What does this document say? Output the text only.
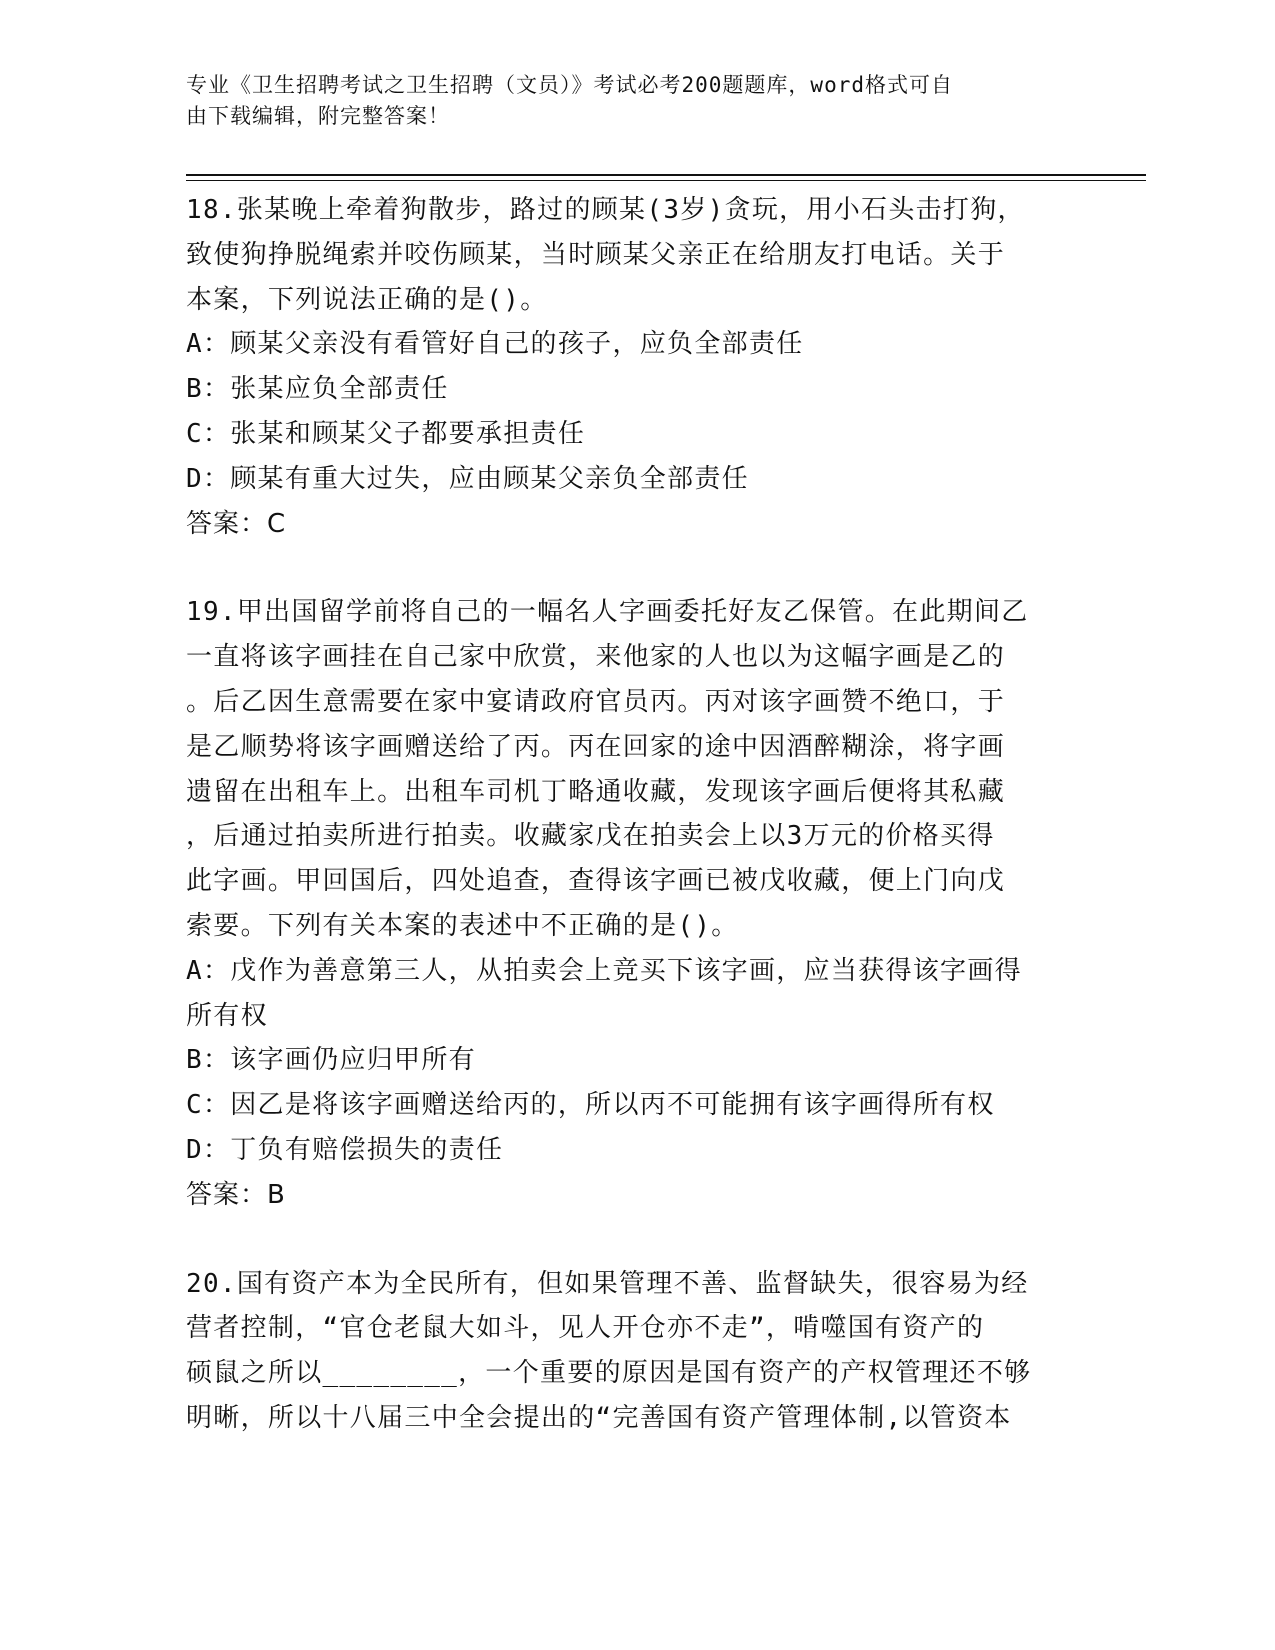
专业《卫生招聘考试之卫生招聘（文员）》考试必考200题题库，word格式可自
由下载编辑，附完整答案！

18.张某晚上牵着狗散步，路过的顾某(3岁)贪玩，用小石头击打狗，

致使狗挣脱绳索并咬伤顾某，当时顾某父亲正在给朋友打电话。关于

本案，下列说法正确的是()。

A：顾某父亲没有看管好自己的孩子，应负全部责任

B：张某应负全部责任

C：张某和顾某父子都要承担责任

D：顾某有重大过失，应由顾某父亲负全部责任

答案：C

19.甲出国留学前将自己的一幅名人字画委托好友乙保管。在此期间乙

一直将该字画挂在自己家中欣赏，来他家的人也以为这幅字画是乙的

。后乙因生意需要在家中宴请政府官员丙。丙对该字画赞不绝口，于

是乙顺势将该字画赠送给了丙。丙在回家的途中因酒醉糊涂，将字画

遗留在出租车上。出租车司机丁略通收藏，发现该字画后便将其私藏

，后通过拍卖所进行拍卖。收藏家戊在拍卖会上以3万元的价格买得

此字画。甲回国后，四处追查，查得该字画已被戊收藏，便上门向戊

索要。下列有关本案的表述中不正确的是()。

A：戊作为善意第三人，从拍卖会上竞买下该字画，应当获得该字画得

所有权

B：该字画仍应归甲所有

C：因乙是将该字画赠送给丙的，所以丙不可能拥有该字画得所有权

D：丁负有赔偿损失的责任

答案：B

20.国有资产本为全民所有，但如果管理不善、监督缺失，很容易为经

营者控制，“官仓老鼠大如斗，见人开仓亦不走”，啃噬国有资产的

硕鼠之所以________，一个重要的原因是国有资产的产权管理还不够

明晰，所以十八届三中全会提出的“完善国有资产管理体制,以管资本
